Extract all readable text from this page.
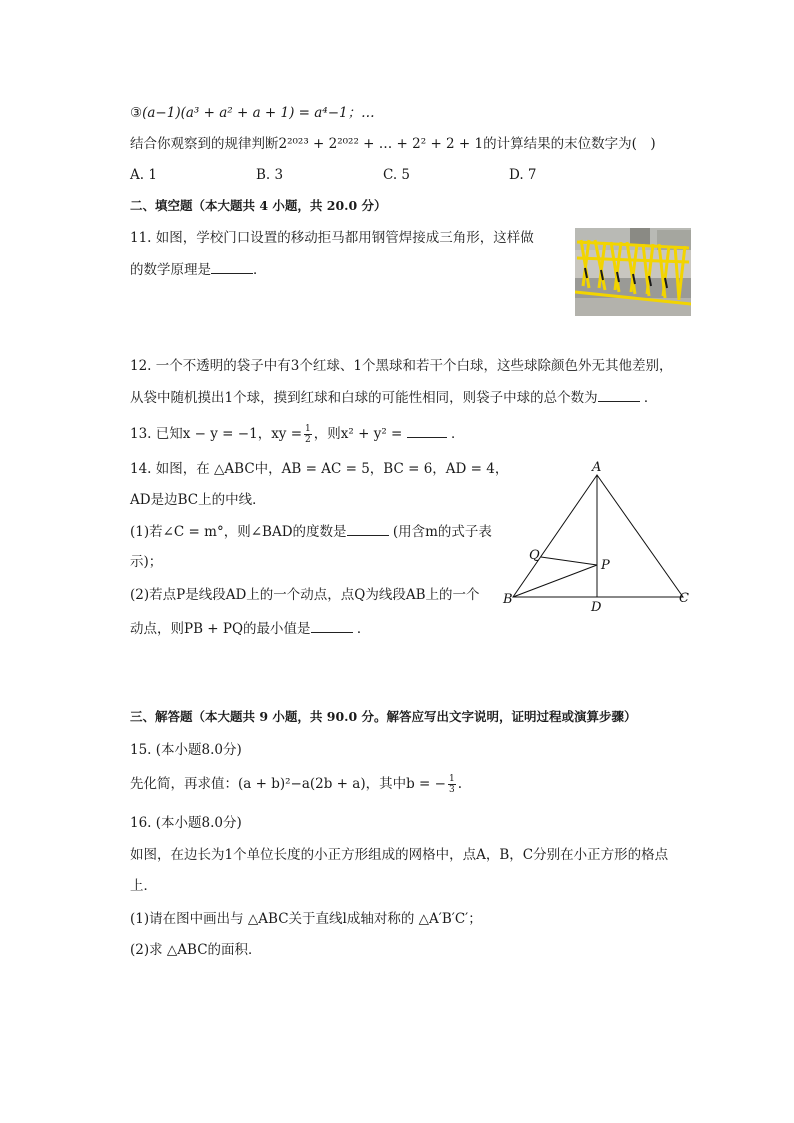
③(a−1)(a³ + a² + a + 1) = a⁴−1；…
结合你观察到的规律判断2²⁰²³ + 2²⁰²² + … + 2² + 2 + 1的计算结果的末位数字为(　)
A. 1	B. 3	C. 5	D. 7
二、填空题（本大题共 4 小题，共 20.0 分）
11. 如图，学校门口设置的移动拒马都用钢管焊接成三角形，这样做
的数学原理是	．
12. 一个不透明的袋子中有3个红球、1个黑球和若干个白球，这些球除颜色外无其他差别，
从袋中随机摸出1个球，摸到红球和白球的可能性相同，则袋子中球的总个数为	．
13. 已知x − y = −1，xy = $\frac{1}{2}$ ，则x² + y² =	．
14. 如图，在 △ABC中，AB = AC = 5，BC = 6，AD = 4，
AD是边BC上的中线．
(1)若∠C = m°，则∠BAD的度数是	(用含m的式子表
示)；
(2)若点P是线段AD上的一个动点，点Q为线段AB上的一个
动点，则PB + PQ的最小值是	．
A
B	C
D
P
Q
三、解答题（本大题共 9 小题，共 90.0 分。解答应写出文字说明，证明过程或演算步骤）
15. (本小题8.0分)
先化简，再求值：(a + b)²−a(2b + a)，其中b = − $\frac{1}{3}$ .
16. (本小题8.0分)
如图，在边长为1个单位长度的小正方形组成的网格中，点A，B，C分别在小正方形的格点
上．
(1)请在图中画出与 △ABC关于直线l成轴对称的 △A′B′C′；
(2)求 △ABC的面积．
